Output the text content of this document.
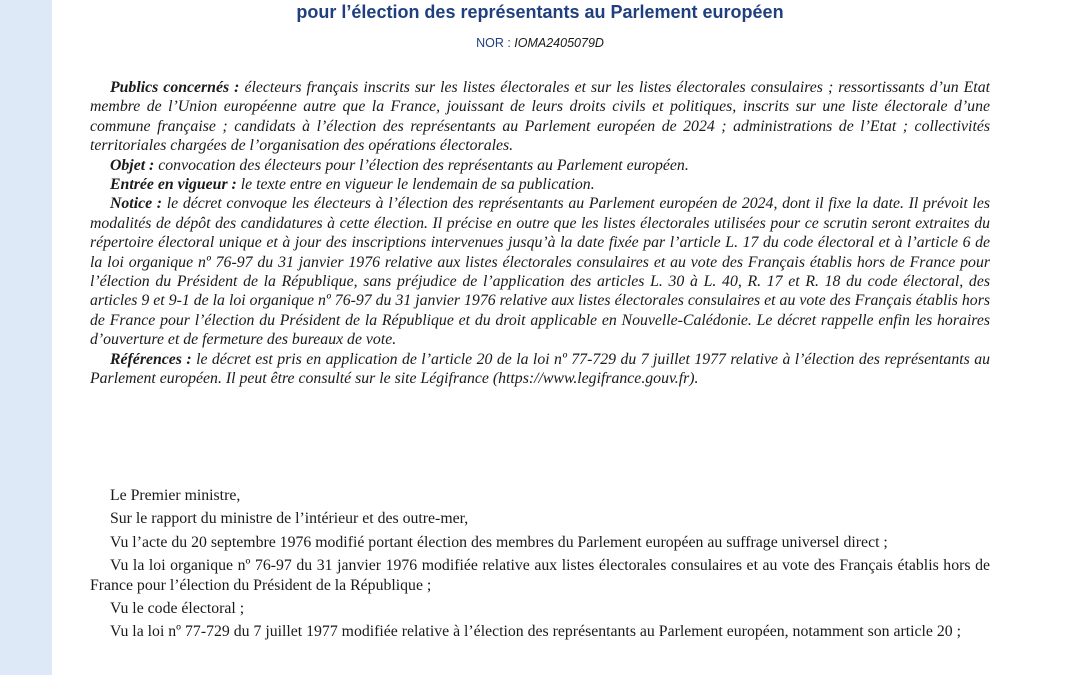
pour l’élection des représentants au Parlement européen
NOR : IOMA2405079D

Publics concernés : électeurs français inscrits sur les listes électorales et sur les listes électorales consulaires ; ressortissants d’un Etat membre de l’Union européenne autre que la France, jouissant de leurs droits civils et politiques, inscrits sur une liste électorale d’une commune française ; candidats à l’élection des représentants au Parlement européen de 2024 ; administrations de l’Etat ; collectivités territoriales chargées de l’organisation des opérations électorales.

Objet : convocation des électeurs pour l’élection des représentants au Parlement européen.

Entrée en vigueur : le texte entre en vigueur le lendemain de sa publication.

Notice : le décret convoque les électeurs à l’élection des représentants au Parlement européen de 2024, dont il fixe la date. Il prévoit les modalités de dépôt des candidatures à cette élection. Il précise en outre que les listes électorales utilisées pour ce scrutin seront extraites du répertoire électoral unique et à jour des inscriptions intervenues jusqu’à la date fixée par l’article L. 17 du code électoral et à l’article 6 de la loi organique nº 76-97 du 31 janvier 1976 relative aux listes électorales consulaires et au vote des Français établis hors de France pour l’élection du Président de la République, sans préjudice de l’application des articles L. 30 à L. 40, R. 17 et R. 18 du code électoral, des articles 9 et 9-1 de la loi organique nº 76-97 du 31 janvier 1976 relative aux listes électorales consulaires et au vote des Français établis hors de France pour l’élection du Président de la République et du droit applicable en Nouvelle-Calédonie. Le décret rappelle enfin les horaires d’ouverture et de fermeture des bureaux de vote.

Références : le décret est pris en application de l’article 20 de la loi nº 77-729 du 7 juillet 1977 relative à l’élection des représentants au Parlement européen. Il peut être consulté sur le site Légifrance (https://www.legifrance.gouv.fr).

Le Premier ministre,

Sur le rapport du ministre de l’intérieur et des outre-mer,

Vu l’acte du 20 septembre 1976 modifié portant élection des membres du Parlement européen au suffrage universel direct ;

Vu la loi organique nº 76-97 du 31 janvier 1976 modifiée relative aux listes électorales consulaires et au vote des Français établis hors de France pour l’élection du Président de la République ;

Vu le code électoral ;

Vu la loi nº 77-729 du 7 juillet 1977 modifiée relative à l’élection des représentants au Parlement européen, notamment son article 20 ;
